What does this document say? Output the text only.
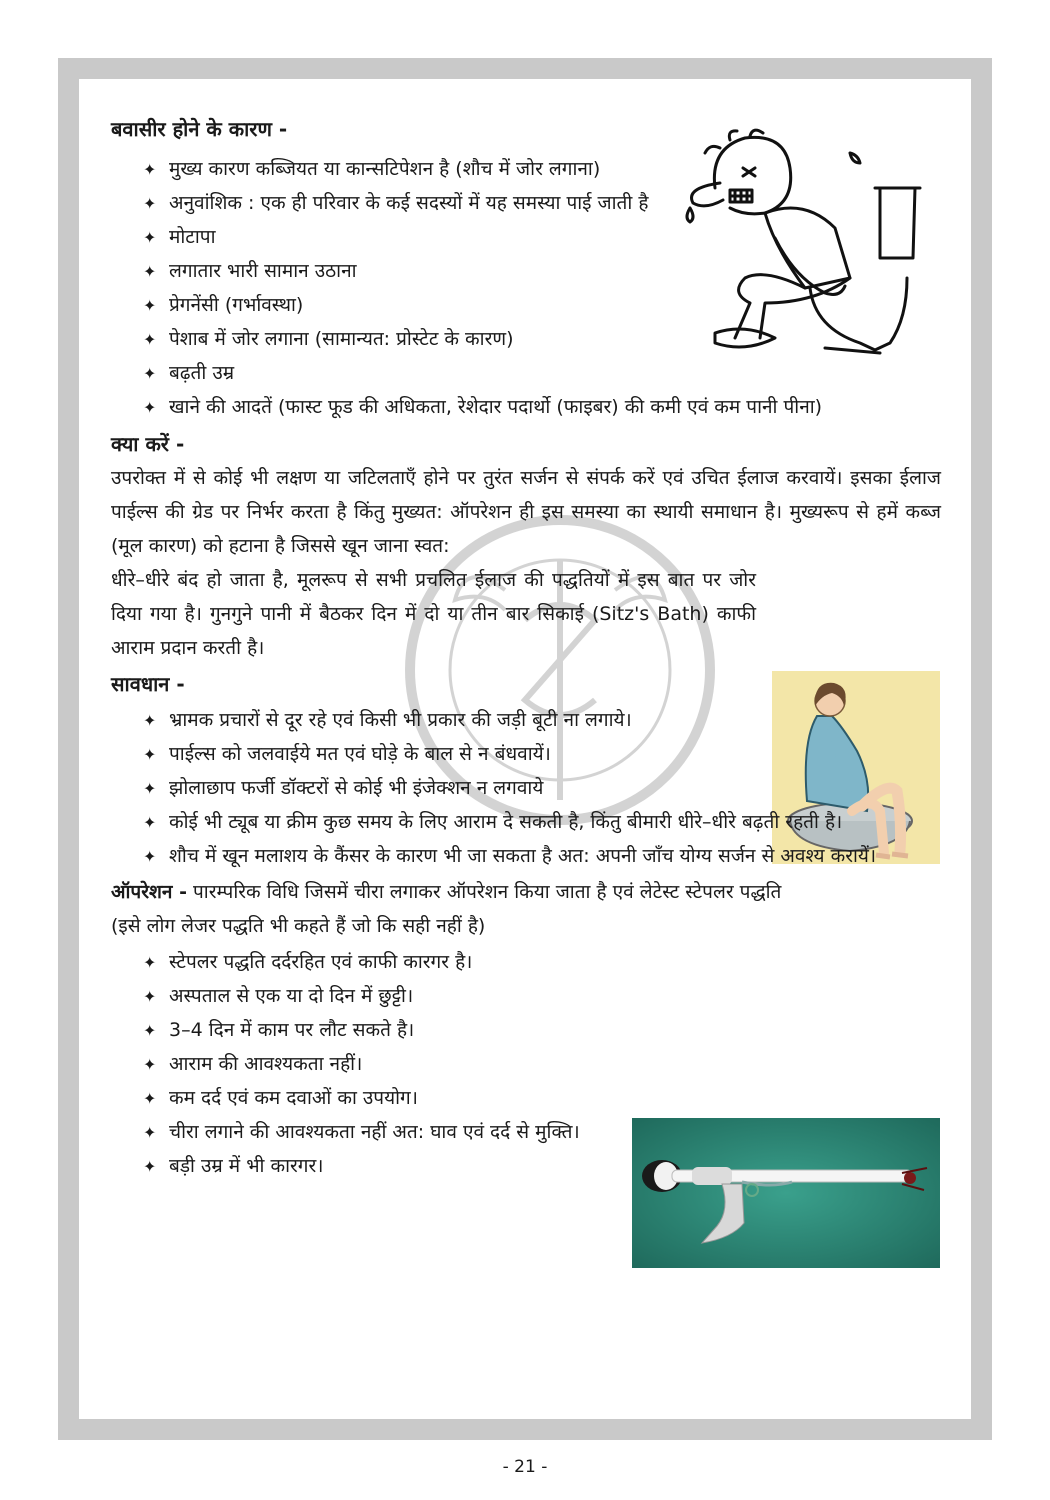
बवासीर होने के कारण -
✦ मुख्य कारण कब्जियत या कान्सटिपेशन है (शौच में जोर लगाना)
✦ अनुवांशिक : एक ही परिवार के कई सदस्यों में यह समस्या पाई जाती है
✦ मोटापा
✦ लगातार भारी सामान उठाना
✦ प्रेगनेंसी (गर्भावस्था)
✦ पेशाब में जोर लगाना (सामान्यत: प्रोस्टेट के कारण)
✦ बढ़ती उम्र
✦ खाने की आदतें (फास्ट फूड की अधिकता, रेशेदार पदार्थो (फाइबर) की कमी एवं कम पानी पीना)
क्या करें -

उपरोक्त में से कोई भी लक्षण या जटिलताएँ होने पर तुरंत सर्जन से संपर्क करें एवं उचित ईलाज करवायें। इसका ईलाज पाईल्स की ग्रेड पर निर्भर करता है किंतु मुख्यत: ऑपरेशन ही इस समस्या का स्थायी समाधान है। मुख्यरूप से हमें कब्ज (मूल कारण) को हटाना है जिससे खून जाना स्वत:

धीरे–धीरे बंद हो जाता है, मूलरूप से सभी प्रचलित ईलाज की पद्धतियों में इस बात पर जोर दिया गया है। गुनगुने पानी में बैठकर दिन में दो या तीन बार सिकाई (Sitz's Bath) काफी आराम प्रदान करती है।

सावधान -
✦ भ्रामक प्रचारों से दूर रहे एवं किसी भी प्रकार की जड़ी बूटी ना लगाये।
✦ पाईल्स को जलवाईये मत एवं घोड़े के बाल से न बंधवायें।
✦ झोलाछाप फर्जी डॉक्टरों से कोई भी इंजेक्शन न लगवाये
✦ कोई भी ट्यूब या क्रीम कुछ समय के लिए आराम दे सकती है, किंतु बीमारी धीरे–धीरे बढ़ती रहती है।
✦ शौच में खून मलाशय के कैंसर के कारण भी जा सकता है अत: अपनी जाँच योग्य सर्जन से अवश्य करायें।

ऑपरेशन - पारम्परिक विधि जिसमें चीरा लगाकर ऑपरेशन किया जाता है एवं लेटेस्ट स्टेपलर पद्धति

(इसे लोग लेजर पद्धति भी कहते हैं जो कि सही नहीं है)

✦ स्टेपलर पद्धति दर्दरहित एवं काफी कारगर है।
✦ अस्पताल से एक या दो दिन में छुट्टी।
✦ 3–4 दिन में काम पर लौट सकते है।
✦ आराम की आवश्यकता नहीं।
✦ कम दर्द एवं कम दवाओं का उपयोग।
✦ चीरा लगाने की आवश्यकता नहीं अत: घाव एवं दर्द से मुक्ति।
✦ बड़ी उम्र में भी कारगर।
- 21 -
